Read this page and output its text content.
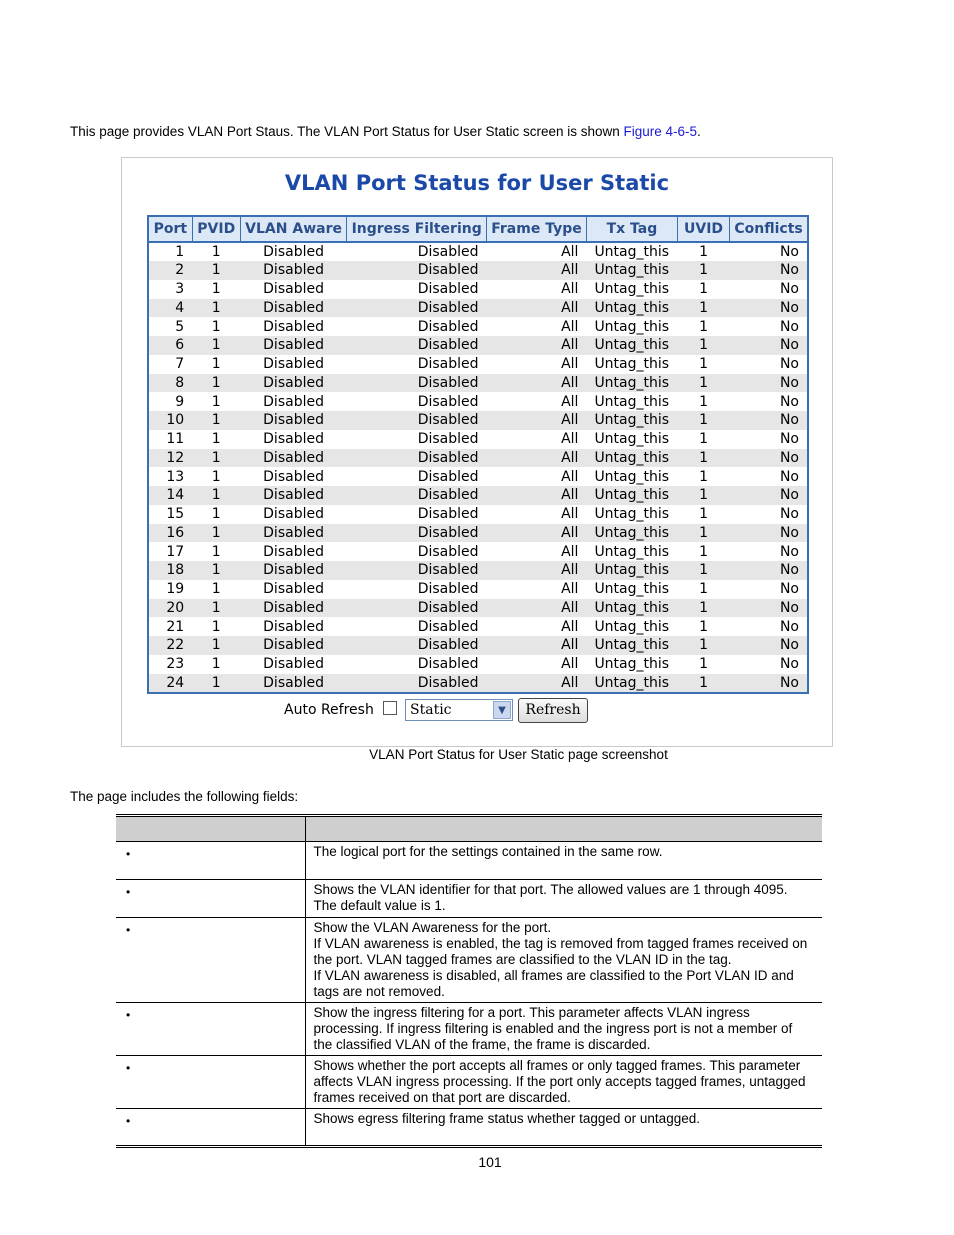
This page provides VLAN Port Staus. The VLAN Port Status for User Static screen is shown Figure 4-6-5.
VLAN Port Status for User Static
Port	PVID	VLAN Aware	Ingress Filtering	Frame Type	Tx Tag	UVID	Conflicts
1	1	Disabled	Disabled	All	Untag_this	1	No
2	1	Disabled	Disabled	All	Untag_this	1	No
3	1	Disabled	Disabled	All	Untag_this	1	No
4	1	Disabled	Disabled	All	Untag_this	1	No
5	1	Disabled	Disabled	All	Untag_this	1	No
6	1	Disabled	Disabled	All	Untag_this	1	No
7	1	Disabled	Disabled	All	Untag_this	1	No
8	1	Disabled	Disabled	All	Untag_this	1	No
9	1	Disabled	Disabled	All	Untag_this	1	No
10	1	Disabled	Disabled	All	Untag_this	1	No
11	1	Disabled	Disabled	All	Untag_this	1	No
12	1	Disabled	Disabled	All	Untag_this	1	No
13	1	Disabled	Disabled	All	Untag_this	1	No
14	1	Disabled	Disabled	All	Untag_this	1	No
15	1	Disabled	Disabled	All	Untag_this	1	No
16	1	Disabled	Disabled	All	Untag_this	1	No
17	1	Disabled	Disabled	All	Untag_this	1	No
18	1	Disabled	Disabled	All	Untag_this	1	No
19	1	Disabled	Disabled	All	Untag_this	1	No
20	1	Disabled	Disabled	All	Untag_this	1	No
21	1	Disabled	Disabled	All	Untag_this	1	No
22	1	Disabled	Disabled	All	Untag_this	1	No
23	1	Disabled	Disabled	All	Untag_this	1	No
24	1	Disabled	Disabled	All	Untag_this	1	No
Auto Refresh	Static	▼	Refresh
VLAN Port Status for User Static page screenshot
The page includes the following fields:

•	The logical port for the settings contained in the same row.

•	Shows the VLAN identifier for that port. The allowed values are 1 through 4095. The default value is 1.

•	Show the VLAN Awareness for the port.
If VLAN awareness is enabled, the tag is removed from tagged frames received on the port. VLAN tagged frames are classified to the VLAN ID in the tag.
If VLAN awareness is disabled, all frames are classified to the Port VLAN ID and tags are not removed.

•	Show the ingress filtering for a port. This parameter affects VLAN ingress processing. If ingress filtering is enabled and the ingress port is not a member of the classified VLAN of the frame, the frame is discarded.

•	Shows whether the port accepts all frames or only tagged frames. This parameter affects VLAN ingress processing. If the port only accepts tagged frames, untagged frames received on that port are discarded.

•	Shows egress filtering frame status whether tagged or untagged.
101
